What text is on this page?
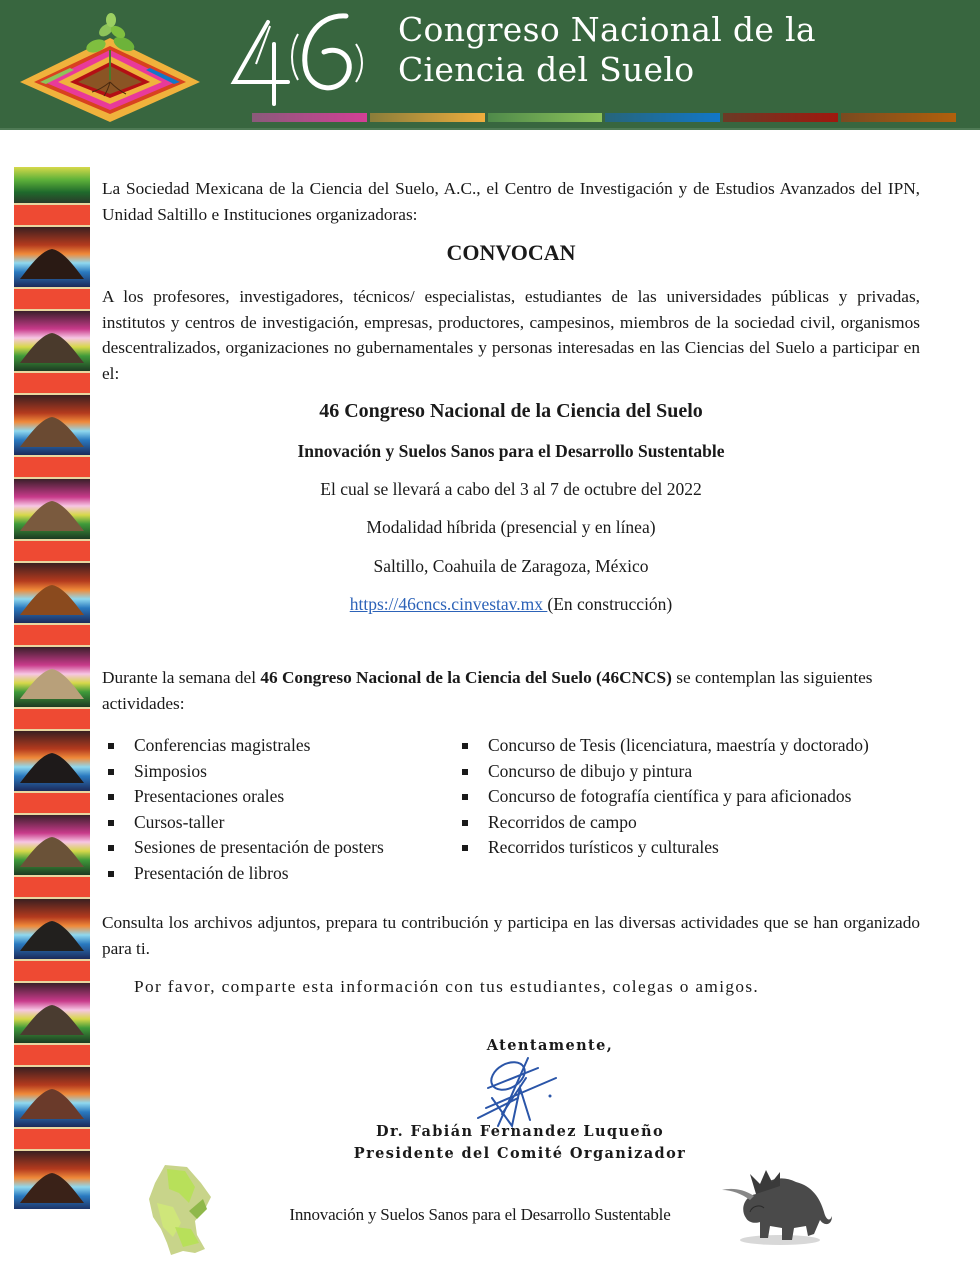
Congreso Nacional de la
Ciencia del Suelo
La Sociedad Mexicana de la Ciencia del Suelo, A.C., el Centro de Investigación y de Estudios Avanzados del IPN, Unidad Saltillo e Instituciones organizadoras:
CONVOCAN
A los profesores, investigadores, técnicos/ especialistas, estudiantes de las universidades públicas y privadas, institutos y centros de investigación, empresas, productores, campesinos, miembros de la sociedad civil, organismos descentralizados, organizaciones no gubernamentales y personas interesadas en las Ciencias del Suelo a participar en el:
46 Congreso Nacional de la Ciencia del Suelo
Innovación y Suelos Sanos para el Desarrollo Sustentable
El cual se llevará a cabo del 3 al 7 de octubre del 2022
Modalidad híbrida (presencial y en línea)
Saltillo, Coahuila de Zaragoza, México
https://46cncs.cinvestav.mx (En construcción)
Durante la semana del 46 Congreso Nacional de la Ciencia del Suelo (46CNCS) se contemplan las siguientes actividades:
Conferencias magistrales
Simposios
Presentaciones orales
Cursos-taller
Sesiones de presentación de posters
Presentación de libros
Concurso de Tesis (licenciatura, maestría y doctorado)
Concurso de dibujo y pintura
Concurso de fotografía científica y para aficionados
Recorridos de campo
Recorridos turísticos y culturales
Consulta los archivos adjuntos, prepara tu contribución y participa en las diversas actividades que se han organizado para ti.
Por favor, comparte esta información con tus estudiantes, colegas o amigos.
Atentamente,
Dr. Fabián Fernandez Luqueño
Presidente del Comité Organizador
Innovación y Suelos Sanos para el Desarrollo Sustentable
